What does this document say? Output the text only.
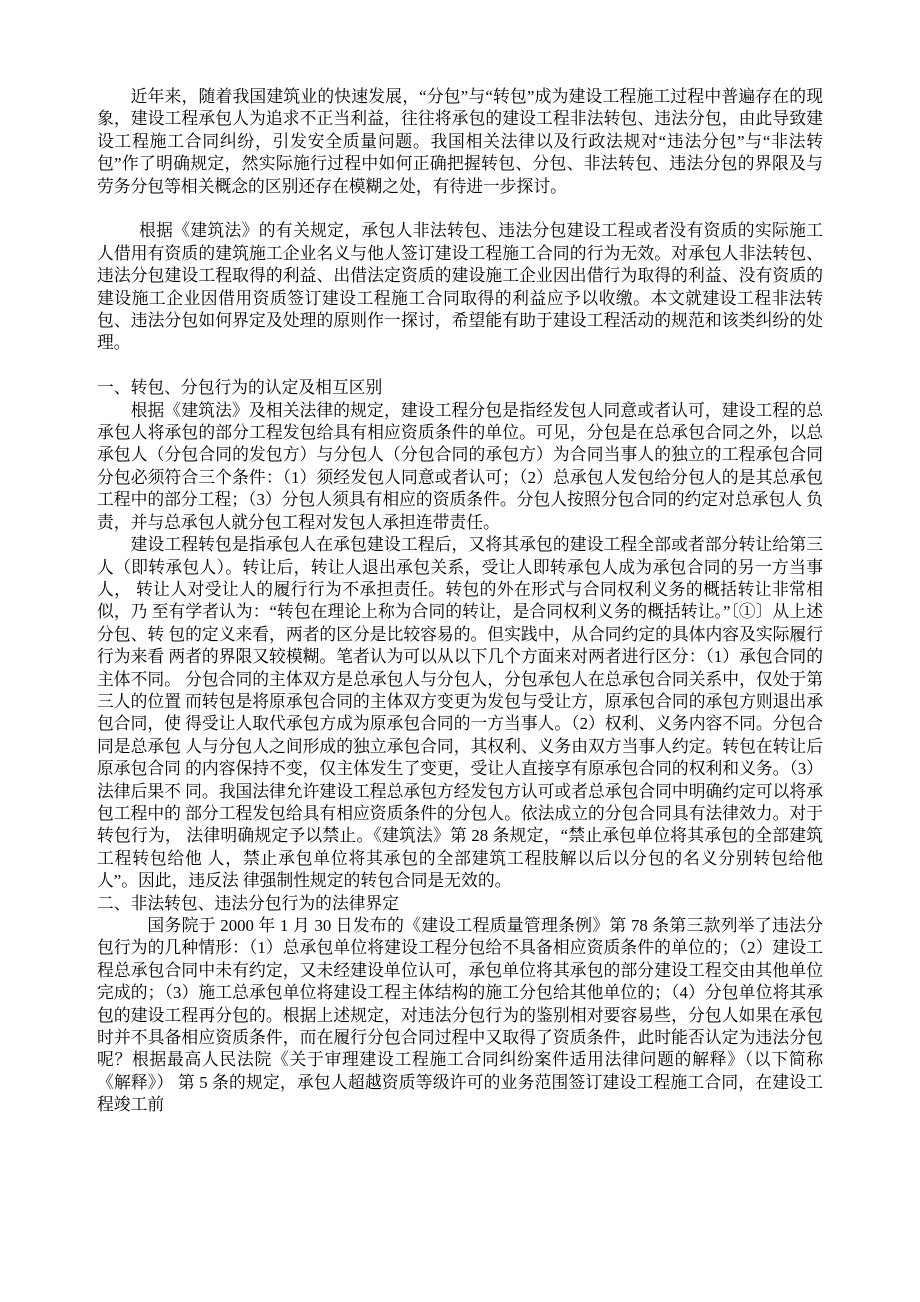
近年来，随着我国建筑业的快速发展，“分包”与“转包”成为建设工程施工过程中普遍存在的现象，建设工程承包人为追求不正当利益，往往将承包的建设工程非法转包、违法分包，由此导致建设工程施工合同纠纷，引发安全质量问题。我国相关法律以及行政法规对“违法分包”与“非法转包”作了明确规定，然实际施行过程中如何正确把握转包、分包、非法转包、违法分包的界限及与劳务分包等相关概念的区别还存在模糊之处，有待进一步探讨。

根据《建筑法》的有关规定，承包人非法转包、违法分包建设工程或者没有资质的实际施工人借用有资质的建筑施工企业名义与他人签订建设工程施工合同的行为无效。对承包人非法转包、违法分包建设工程取得的利益、出借法定资质的建设施工企业因出借行为取得的利益、没有资质的建设施工企业因借用资质签订建设工程施工合同取得的利益应予以收缴。本文就建设工程非法转包、违法分包如何界定及处理的原则作一探讨，希望能有助于建设工程活动的规范和该类纠纷的处理。

一、转包、分包行为的认定及相互区别

根据《建筑法》及相关法律的规定，建设工程分包是指经发包人同意或者认可，建设工程的总承包人将承包的部分工程发包给具有相应资质条件的单位。可见，分包是在总承包合同之外，以总承包人（分包合同的发包方）与分包人（分包合同的承包方）为合同当事人的独立的工程承包合同分包必须符合三个条件：（1）须经发包人同意或者认可；（2）总承包人发包给分包人的是其总承包 工程中的部分工程；（3）分包人须具有相应的资质条件。分包人按照分包合同的约定对总承包人 负责，并与总承包人就分包工程对发包人承担连带责任。

建设工程转包是指承包人在承包建设工程后，又将其承包的建设工程全部或者部分转让给第三人（即转承包人）。转让后，转让人退出承包关系，受让人即转承包人成为承包合同的另一方当事人， 转让人对受让人的履行行为不承担责任。转包的外在形式与合同权利义务的概括转让非常相似，乃 至有学者认为：“转包在理论上称为合同的转让，是合同权利义务的概括转让。”〔①〕从上述分包、转 包的定义来看，两者的区分是比较容易的。但实践中，从合同约定的具体内容及实际履行行为来看 两者的界限又较模糊。笔者认为可以从以下几个方面来对两者进行区分：（1）承包合同的主体不同。 分包合同的主体双方是总承包人与分包人，分包承包人在总承包合同关系中，仅处于第三人的位置 而转包是将原承包合同的主体双方变更为发包与受让方，原承包合同的承包方则退出承包合同，使 得受让人取代承包方成为原承包合同的一方当事人。（2）权利、义务内容不同。分包合同是总承包 人与分包人之间形成的独立承包合同，其权利、义务由双方当事人约定。转包在转让后原承包合同 的内容保持不变，仅主体发生了变更，受让人直接享有原承包合同的权利和义务。（3）法律后果不 同。我国法律允许建设工程总承包方经发包方认可或者总承包合同中明确约定可以将承包工程中的 部分工程发包给具有相应资质条件的分包人。依法成立的分包合同具有法律效力。对于转包行为， 法律明确规定予以禁止。《建筑法》第 28 条规定，“禁止承包单位将其承包的全部建筑工程转包给他 人，禁止承包单位将其承包的全部建筑工程肢解以后以分包的名义分别转包给他人”。因此，违反法 律强制性规定的转包合同是无效的。

二、非法转包、违法分包行为的法律界定

国务院于 2000 年 1 月 30 日发布的《建设工程质量管理条例》第 78 条第三款列举了违法分包行为的几种情形：（1）总承包单位将建设工程分包给不具备相应资质条件的单位的；（2）建设工程总承包合同中未有约定，又未经建设单位认可，承包单位将其承包的部分建设工程交由其他单位完成的；（3）施工总承包单位将建设工程主体结构的施工分包给其他单位的；（4）分包单位将其承包的建设工程再分包的。根据上述规定，对违法分包行为的鉴别相对要容易些，分包人如果在承包时并不具备相应资质条件，而在履行分包合同过程中又取得了资质条件，此时能否认定为违法分包呢？根据最高人民法院《关于审理建设工程施工合同纠纷案件适用法律问题的解释》（以下简称《解释》） 第 5 条的规定，承包人超越资质等级许可的业务范围签订建设工程施工合同，在建设工程竣工前
